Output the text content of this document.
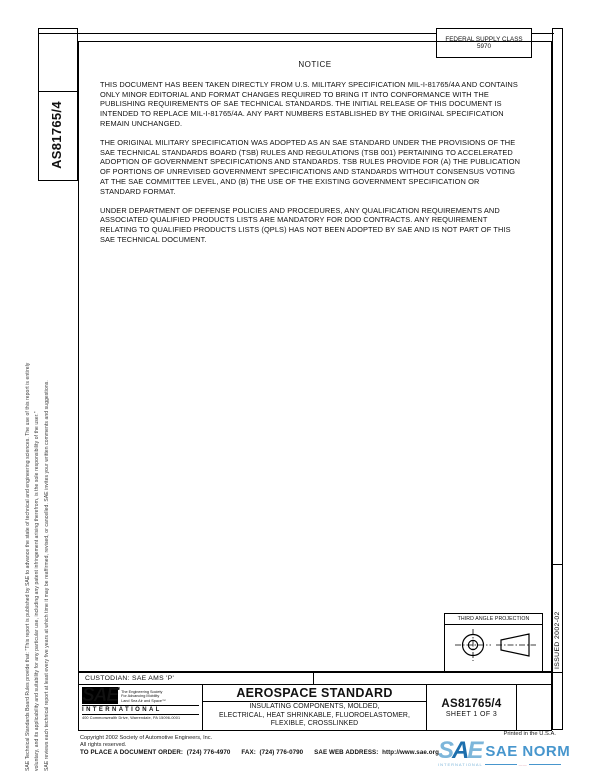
SAE Technical Standards Board Rules provide that: "This report is published by SAE to advance the state of technical and engineering sciences. The use of this report is entirely voluntary, and its applicability and suitability for any particular use, including any patent infringement arising therefrom, is the sole responsibility of the user." SAE reviews each technical report at least every five years at which time it may be reaffirmed, revised, or cancelled. SAE invites your written comments and suggestions.
AS81765/4
FEDERAL SUPPLY CLASS
5970
ISSUED 2002-02
NOTICE

THIS DOCUMENT HAS BEEN TAKEN DIRECTLY FROM U.S. MILITARY SPECIFICATION MIL-I-81765/4A AND CONTAINS ONLY MINOR EDITORIAL AND FORMAT CHANGES REQUIRED TO BRING IT INTO CONFORMANCE WITH THE PUBLISHING REQUIREMENTS OF SAE TECHNICAL STANDARDS. THE INITIAL RELEASE OF THIS DOCUMENT IS INTENDED TO REPLACE MIL-I-81765/4A. ANY PART NUMBERS ESTABLISHED BY THE ORIGINAL SPECIFICATION REMAIN UNCHANGED.

THE ORIGINAL MILITARY SPECIFICATION WAS ADOPTED AS AN SAE STANDARD UNDER THE PROVISIONS OF THE SAE TECHNICAL STANDARDS BOARD (TSB) RULES AND REGULATIONS (TSB 001) PERTAINING TO ACCELERATED ADOPTION OF GOVERNMENT SPECIFICATIONS AND STANDARDS. TSB RULES PROVIDE FOR (A) THE PUBLICATION OF PORTIONS OF UNREVISED GOVERNMENT SPECIFICATIONS AND STANDARDS WITHOUT CONSENSUS VOTING AT THE SAE COMMITTEE LEVEL, AND (B) THE USE OF THE EXISTING GOVERNMENT SPECIFICATION OR STANDARD FORMAT.

UNDER DEPARTMENT OF DEFENSE POLICIES AND PROCEDURES, ANY QUALIFICATION REQUIREMENTS AND ASSOCIATED QUALIFIED PRODUCTS LISTS ARE MANDATORY FOR DOD CONTRACTS. ANY REQUIREMENT RELATING TO QUALIFIED PRODUCTS LISTS (QPLS) HAS NOT BEEN ADOPTED BY SAE AND IS NOT PART OF THIS SAE TECHNICAL DOCUMENT.

THIRD ANGLE PROJECTION
CUSTODIAN: SAE AMS 'P'
SAE The Engineering Society
For Advancing Mobility
Land Sea Air and Space™
INTERNATIONAL
400 Commonwealth Drive, Warrendale, PA 15096-0001
AEROSPACE STANDARD
INSULATING COMPONENTS, MOLDED,
ELECTRICAL, HEAT SHRINKABLE, FLUOROELASTOMER,
FLEXIBLE, CROSSLINKED
AS81765/4
SHEET 1 OF 3
Copyright 2002 Society of Automotive Engineers, Inc.
All rights reserved.
TO PLACE A DOCUMENT ORDER: (724) 776-4970 FAX: (724) 776-0790 SAE WEB ADDRESS: http://www.sae.org
Printed in the U.S.A.
SAE SAE NORM
INTERNATIONAL	——
